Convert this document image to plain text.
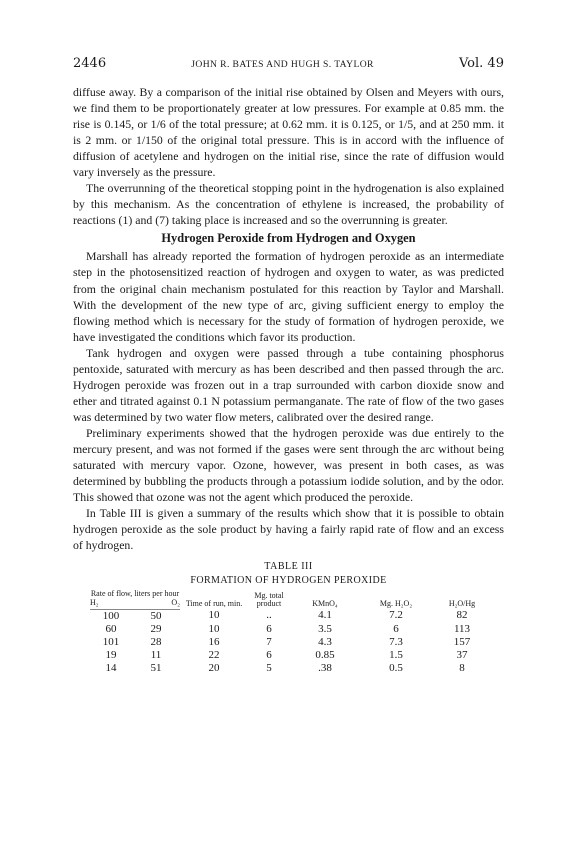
2446	JOHN R. BATES AND HUGH S. TAYLOR	Vol. 49

diffuse away. By a comparison of the initial rise obtained by Olsen and Meyers with ours, we find them to be proportionately greater at low pressures. For example at 0.85 mm. the rise is 0.145, or 1/6 of the total pressure; at 0.62 mm. it is 0.125, or 1/5, and at 250 mm. it is 2 mm. or 1/150 of the original total pressure. This is in accord with the influence of diffusion of acetylene and hydrogen on the initial rise, since the rate of diffusion would vary inversely as the pressure.

The overrunning of the theoretical stopping point in the hydrogenation is also explained by this mechanism. As the concentration of ethylene is increased, the probability of reactions (1) and (7) taking place is increased and so the overrunning is greater.

Hydrogen Peroxide from Hydrogen and Oxygen

Marshall has already reported the formation of hydrogen peroxide as an intermediate step in the photosensitized reaction of hydrogen and oxygen to water, as was predicted from the original chain mechanism postulated for this reaction by Taylor and Marshall. With the development of the new type of arc, giving sufficient energy to employ the flowing method which is necessary for the study of formation of hydrogen peroxide, we have investigated the conditions which favor its production.

Tank hydrogen and oxygen were passed through a tube containing phosphorus pentoxide, saturated with mercury as has been described and then passed through the arc. Hydrogen peroxide was frozen out in a trap surrounded with carbon dioxide snow and ether and titrated against 0.1 N potassium permanganate. The rate of flow of the two gases was determined by two water flow meters, calibrated over the desired range.

Preliminary experiments showed that the hydrogen peroxide was due entirely to the mercury present, and was not formed if the gases were sent through the arc without being saturated with mercury vapor. Ozone, however, was present in both cases, as was determined by bubbling the products through a potassium iodide solution, and by the odor. This showed that ozone was not the agent which produced the peroxide.

In Table III is given a summary of the results which show that it is possible to obtain hydrogen peroxide as the sole product by having a fairly rapid rate of flow and an excess of hydrogen.

TABLE III
FORMATION OF HYDROGEN PEROXIDE
Rate of flow, liters per hour		Time of run, min.	Mg. total product	KMnO₄	Mg. H₂O₂	H₂O/Hg
H₂	O₂					
100	50	10	..	4.1	7.2	82
60	29	10	6	3.5	6	113
101	28	16	7	4.3	7.3	157
19	11	22	6	0.85	1.5	37
14	51	20	5	.38	0.5	8
